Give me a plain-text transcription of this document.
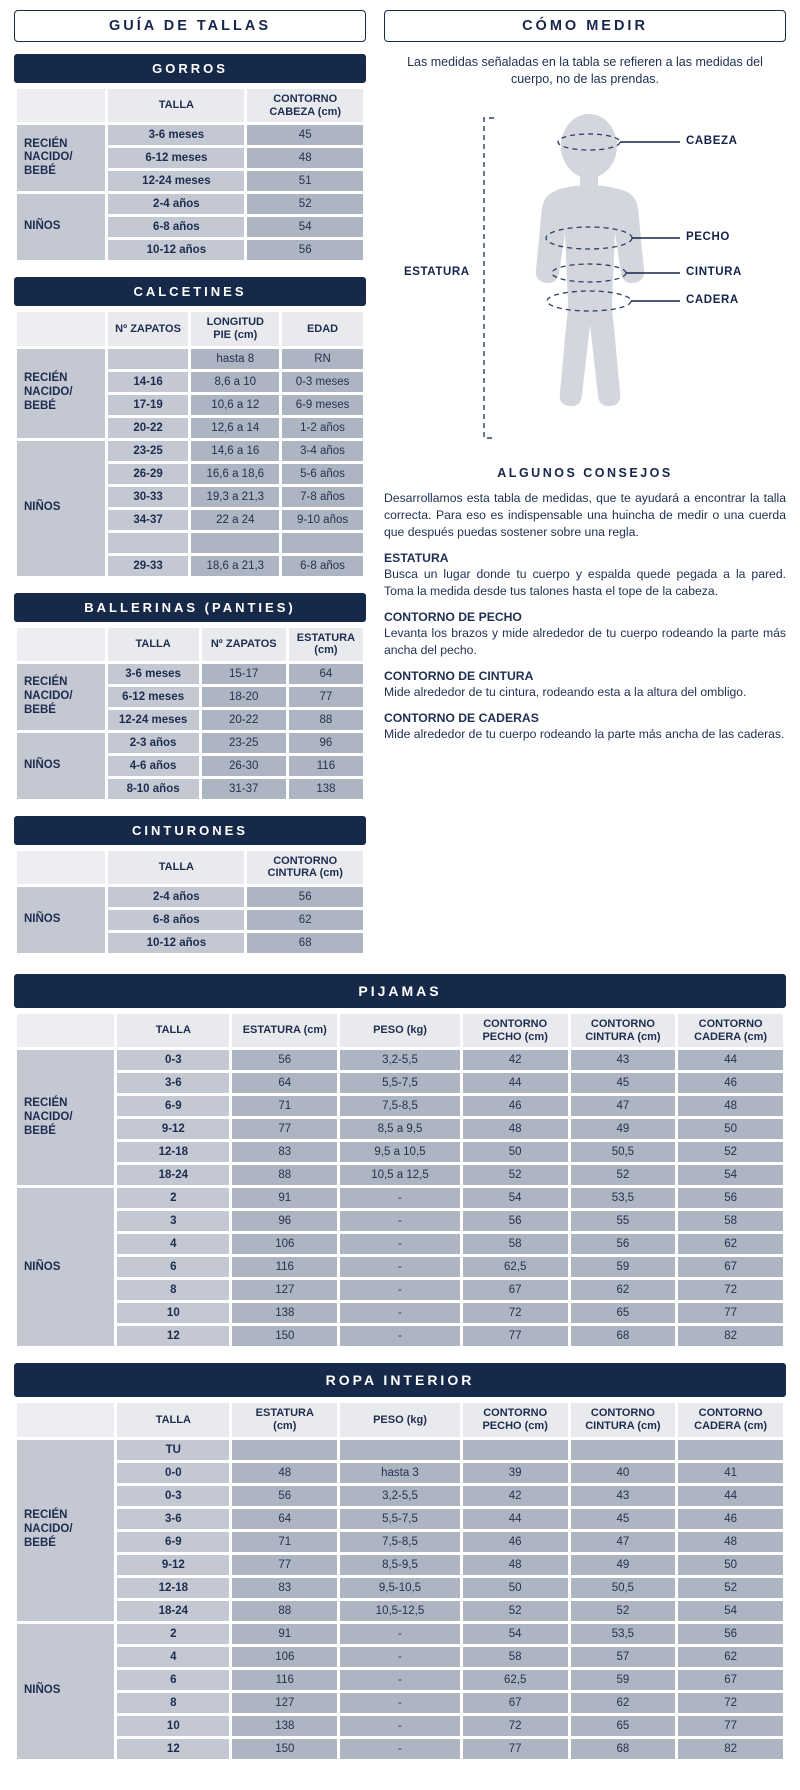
GUÍA DE TALLAS
GORROS
	TALLA	CONTORNO
CABEZA (cm)
RECIÉN
NACIDO/
BEBÉ	3-6 meses	45
	6-12 meses	48
	12-24 meses	51
NIÑOS	2-4 años	52
	6-8 años	54
	10-12 años	56
CALCETINES
	Nº ZAPATOS	LONGITUD
PIE (cm)	EDAD
RECIÉN
NACIDO/
BEBÉ		hasta 8	RN
	14-16	8,6 a 10	0-3 meses
	17-19	10,6 a 12	6-9 meses
	20-22	12,6 a 14	1-2 años
NIÑOS	23-25	14,6 a 16	3-4 años
	26-29	16,6 a 18,6	5-6 años
	30-33	19,3 a 21,3	7-8 años
	34-37	22 a 24	9-10 años

	29-33	18,6 a 21,3	6-8 años
BALLERINAS (PANTIES)
	TALLA	Nº ZAPATOS	ESTATURA
(cm)
RECIÉN
NACIDO/
BEBÉ	3-6 meses	15-17	64
	6-12 meses	18-20	77
	12-24 meses	20-22	88
NIÑOS	2-3 años	23-25	96
	4-6 años	26-30	116
	8-10 años	31-37	138
CINTURONES
	TALLA	CONTORNO
CINTURA (cm)
NIÑOS	2-4 años	56
	6-8 años	62
	10-12 años	68
CÓMO MEDIR
Las medidas señaladas en la tabla se refieren a las medidas del cuerpo, no de las prendas.
CABEZA
PECHO
CINTURA
CADERA
ESTATURA
ALGUNOS CONSEJOS
Desarrollamos esta tabla de medidas, que te ayudará a encontrar la talla correcta. Para eso es indispensable una huincha de medir o una cuerda que después puedas sostener sobre una regla.
ESTATURA
Busca un lugar donde tu cuerpo y espalda quede pegada a la pared. Toma la medida desde tus talones hasta el tope de la cabeza.
CONTORNO DE PECHO
Levanta los brazos y mide alrededor de tu cuerpo rodeando la parte más ancha del pecho.
CONTORNO DE CINTURA
Mide alrededor de tu cintura, rodeando esta a la altura del ombligo.
CONTORNO DE CADERAS
Mide alrededor de tu cuerpo rodeando la parte más ancha de las caderas.
PIJAMAS
	TALLA	ESTATURA (cm)	PESO (kg)	CONTORNO
PECHO (cm)	CONTORNO
CINTURA (cm)	CONTORNO
CADERA (cm)
RECIÉN
NACIDO/
BEBÉ	0-3	56	3,2-5,5	42	43	44
	3-6	64	5,5-7,5	44	45	46
	6-9	71	7,5-8,5	46	47	48
	9-12	77	8,5 a 9,5	48	49	50
	12-18	83	9,5 a 10,5	50	50,5	52
	18-24	88	10,5 a 12,5	52	52	54
NIÑOS	2	91	-	54	53,5	56
	3	96	-	56	55	58
	4	106	-	58	56	62
	6	116	-	62,5	59	67
	8	127	-	67	62	72
	10	138	-	72	65	77
	12	150	-	77	68	82
ROPA INTERIOR
	TALLA	ESTATURA
(cm)	PESO (kg)	CONTORNO
PECHO (cm)	CONTORNO
CINTURA (cm)	CONTORNO
CADERA (cm)
RECIÉN
NACIDO/
BEBÉ	TU					
	0-0	48	hasta 3	39	40	41
	0-3	56	3,2-5,5	42	43	44
	3-6	64	5,5-7,5	44	45	46
	6-9	71	7,5-8,5	46	47	48
	9-12	77	8,5-9,5	48	49	50
	12-18	83	9,5-10,5	50	50,5	52
	18-24	88	10,5-12,5	52	52	54
NIÑOS	2	91	-	54	53,5	56
	4	106	-	58	57	62
	6	116	-	62,5	59	67
	8	127	-	67	62	72
	10	138	-	72	65	77
	12	150	-	77	68	82
